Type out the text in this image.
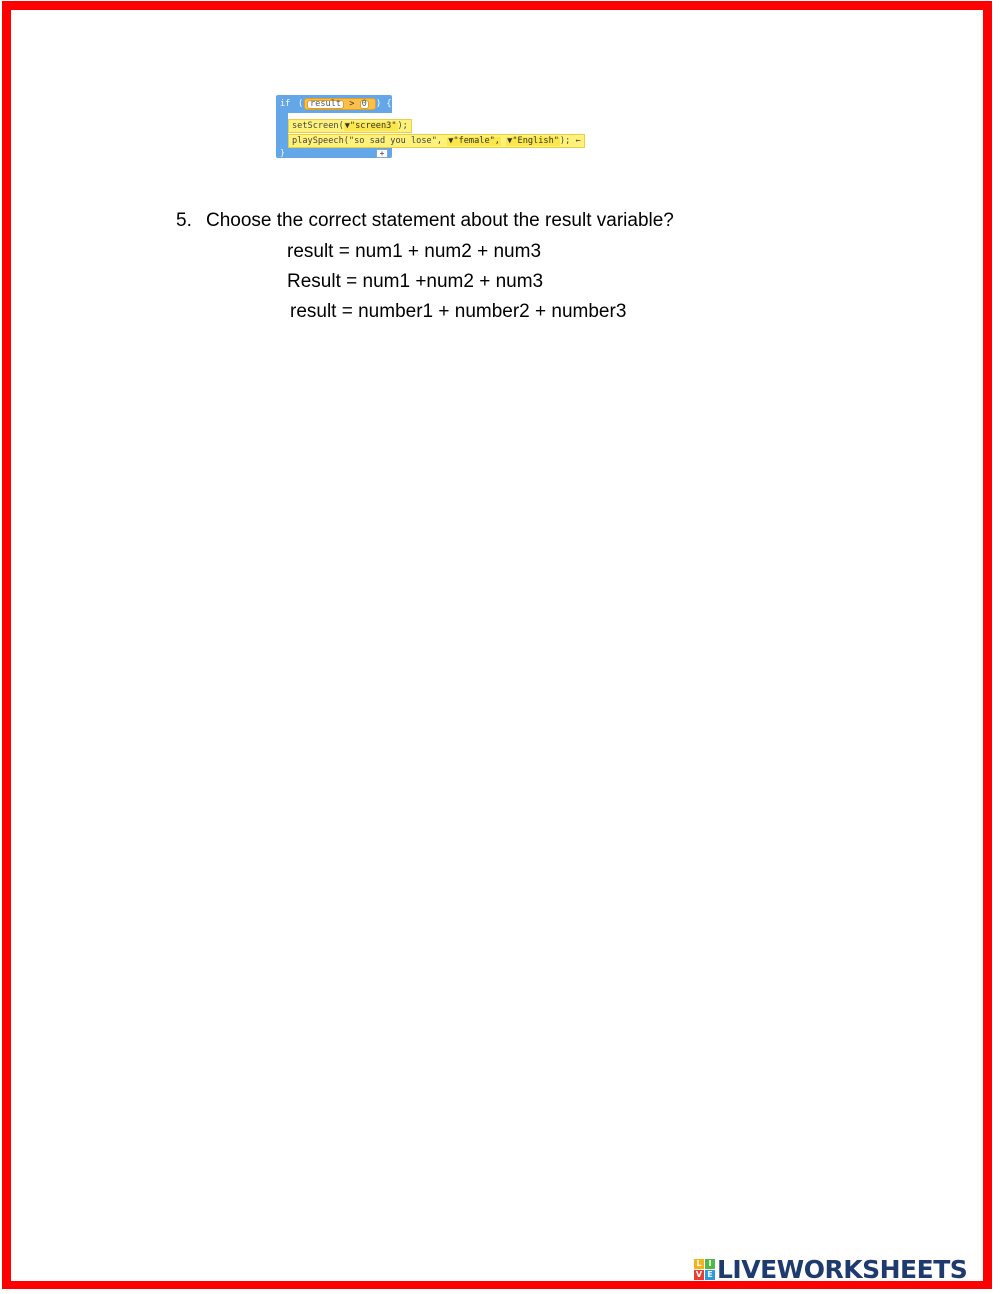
if ( result > 0	) {
setScreen(▼"screen3");
playSpeech("so sad you lose", ▼"female", ▼"English"); ←
}	+
5. Choose the correct statement about the result variable?
result = num1 + num2 + num3
Result = num1 +num2 + num3
result = number1 + number2 + number3
L I
V E LIVEWORKSHEETS
